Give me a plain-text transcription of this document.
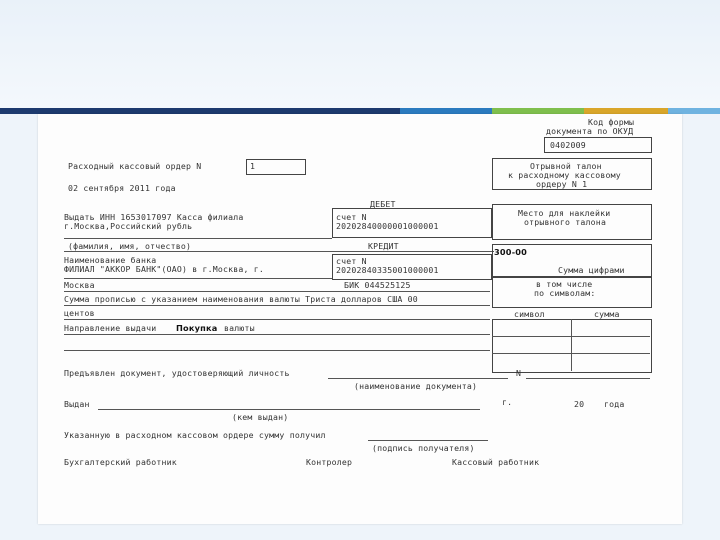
Код формы
документа по ОКУД
0402009
Расходный кассовый ордер N	1
02 сентября 2011 года
Отрывной талон
к расходному кассовому
ордеру N 1
ДЕБЕТ
Выдать ИНН 1653017097 Касса филиала
г.Москва,Российский рубль
счет N
20202840000001000001
(фамилия, имя, отчество)
Место для наклейки
отрывного талона
КРЕДИТ
Наименование банка
ФИЛИАЛ "АККОР БАНК"(ОАО) в г.Москва, г.
счет N
20202840335001000001
300-00
Сумма цифрами
в том числе
по символам:
символ	сумма
Москва	БИК 044525125
Сумма прописью с указанием наименования валюты Триста долларов США 00
центов
Направление выдачи Покупка валюты
Предъявлен документ, удостоверяющий личность	N
(наименование документа)
Выдан	г.	20 года
(кем выдан)
Указанную в расходном кассовом ордере сумму получил
(подпись получателя)
Бухгалтерский работник	Контролер	Кассовый работник
